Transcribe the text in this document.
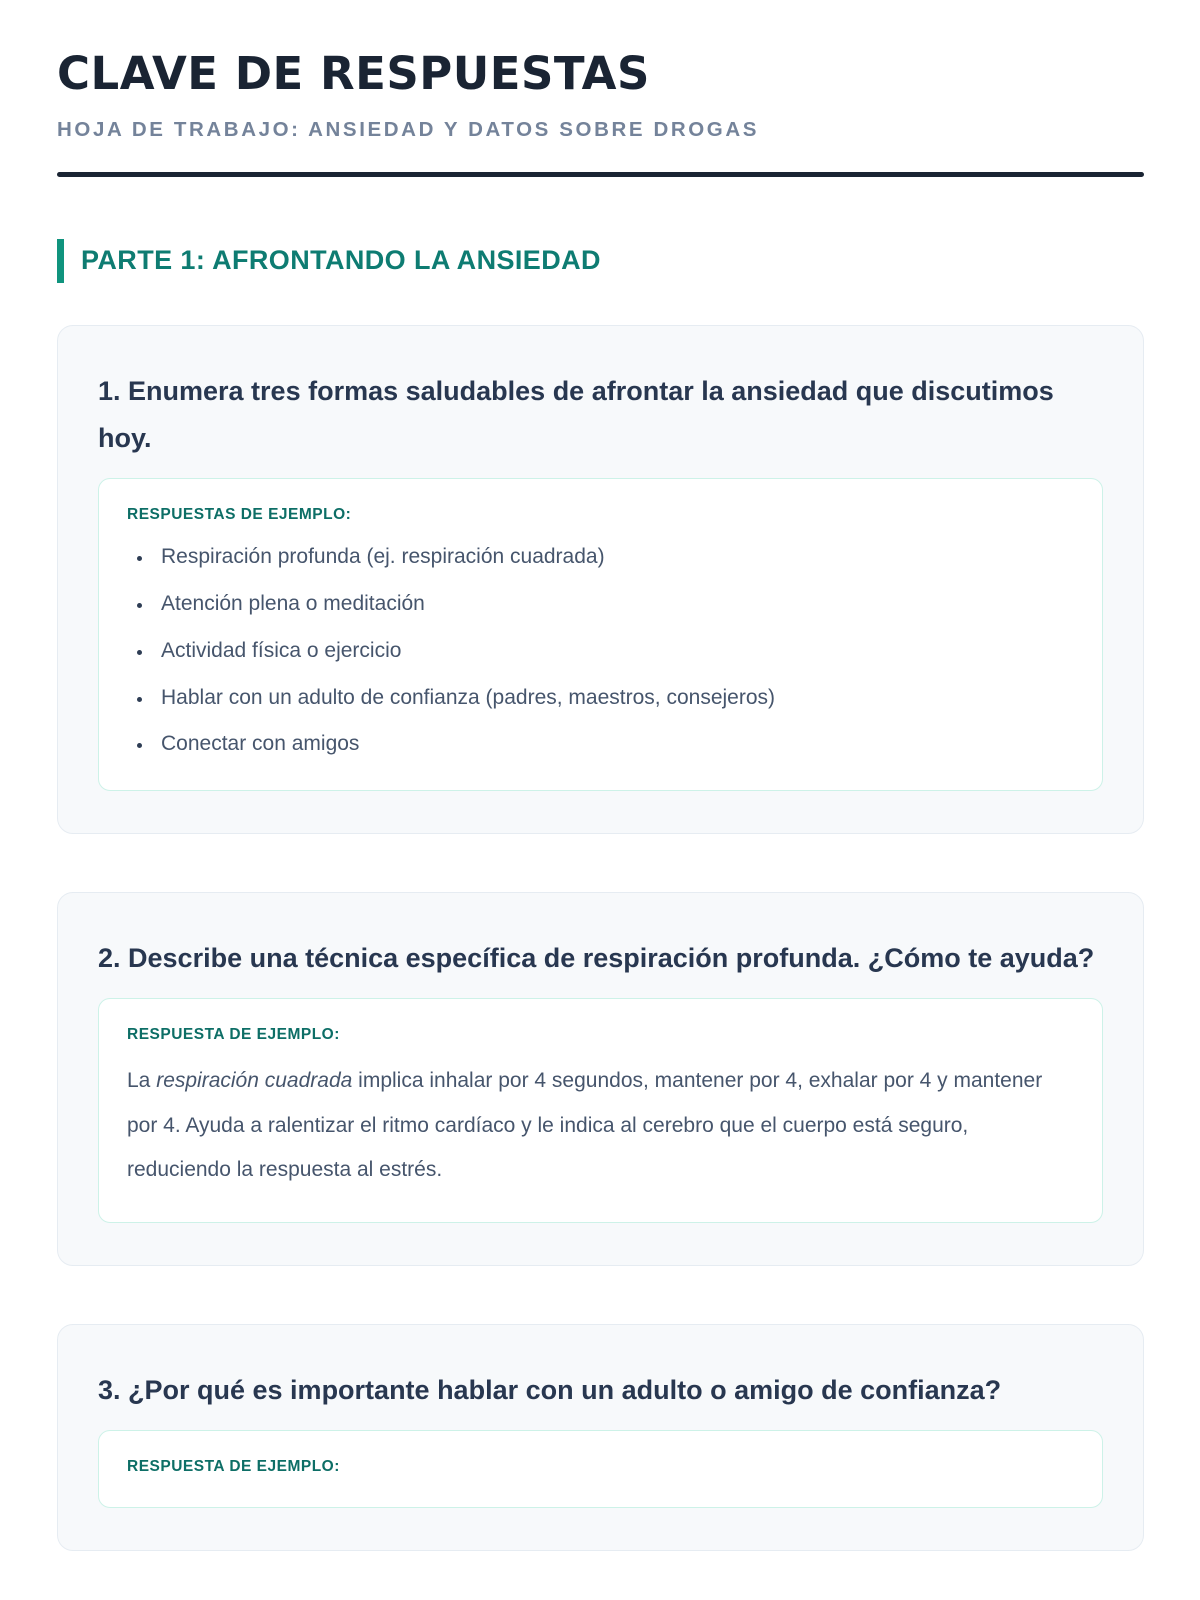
CLAVE DE RESPUESTAS
HOJA DE TRABAJO: ANSIEDAD Y DATOS SOBRE DROGAS
PARTE 1: AFRONTANDO LA ANSIEDAD
1. Enumera tres formas saludables de afrontar la ansiedad que discutimos hoy.
RESPUESTAS DE EJEMPLO:
• Respiración profunda (ej. respiración cuadrada)
• Atención plena o meditación
• Actividad física o ejercicio
• Hablar con un adulto de confianza (padres, maestros, consejeros)
• Conectar con amigos
2. Describe una técnica específica de respiración profunda. ¿Cómo te ayuda?
RESPUESTA DE EJEMPLO:

La respiración cuadrada implica inhalar por 4 segundos, mantener por 4, exhalar por 4 y mantener por 4. Ayuda a ralentizar el ritmo cardíaco y le indica al cerebro que el cuerpo está seguro, reduciendo la respuesta al estrés.

3. ¿Por qué es importante hablar con un adulto o amigo de confianza?
RESPUESTA DE EJEMPLO:
